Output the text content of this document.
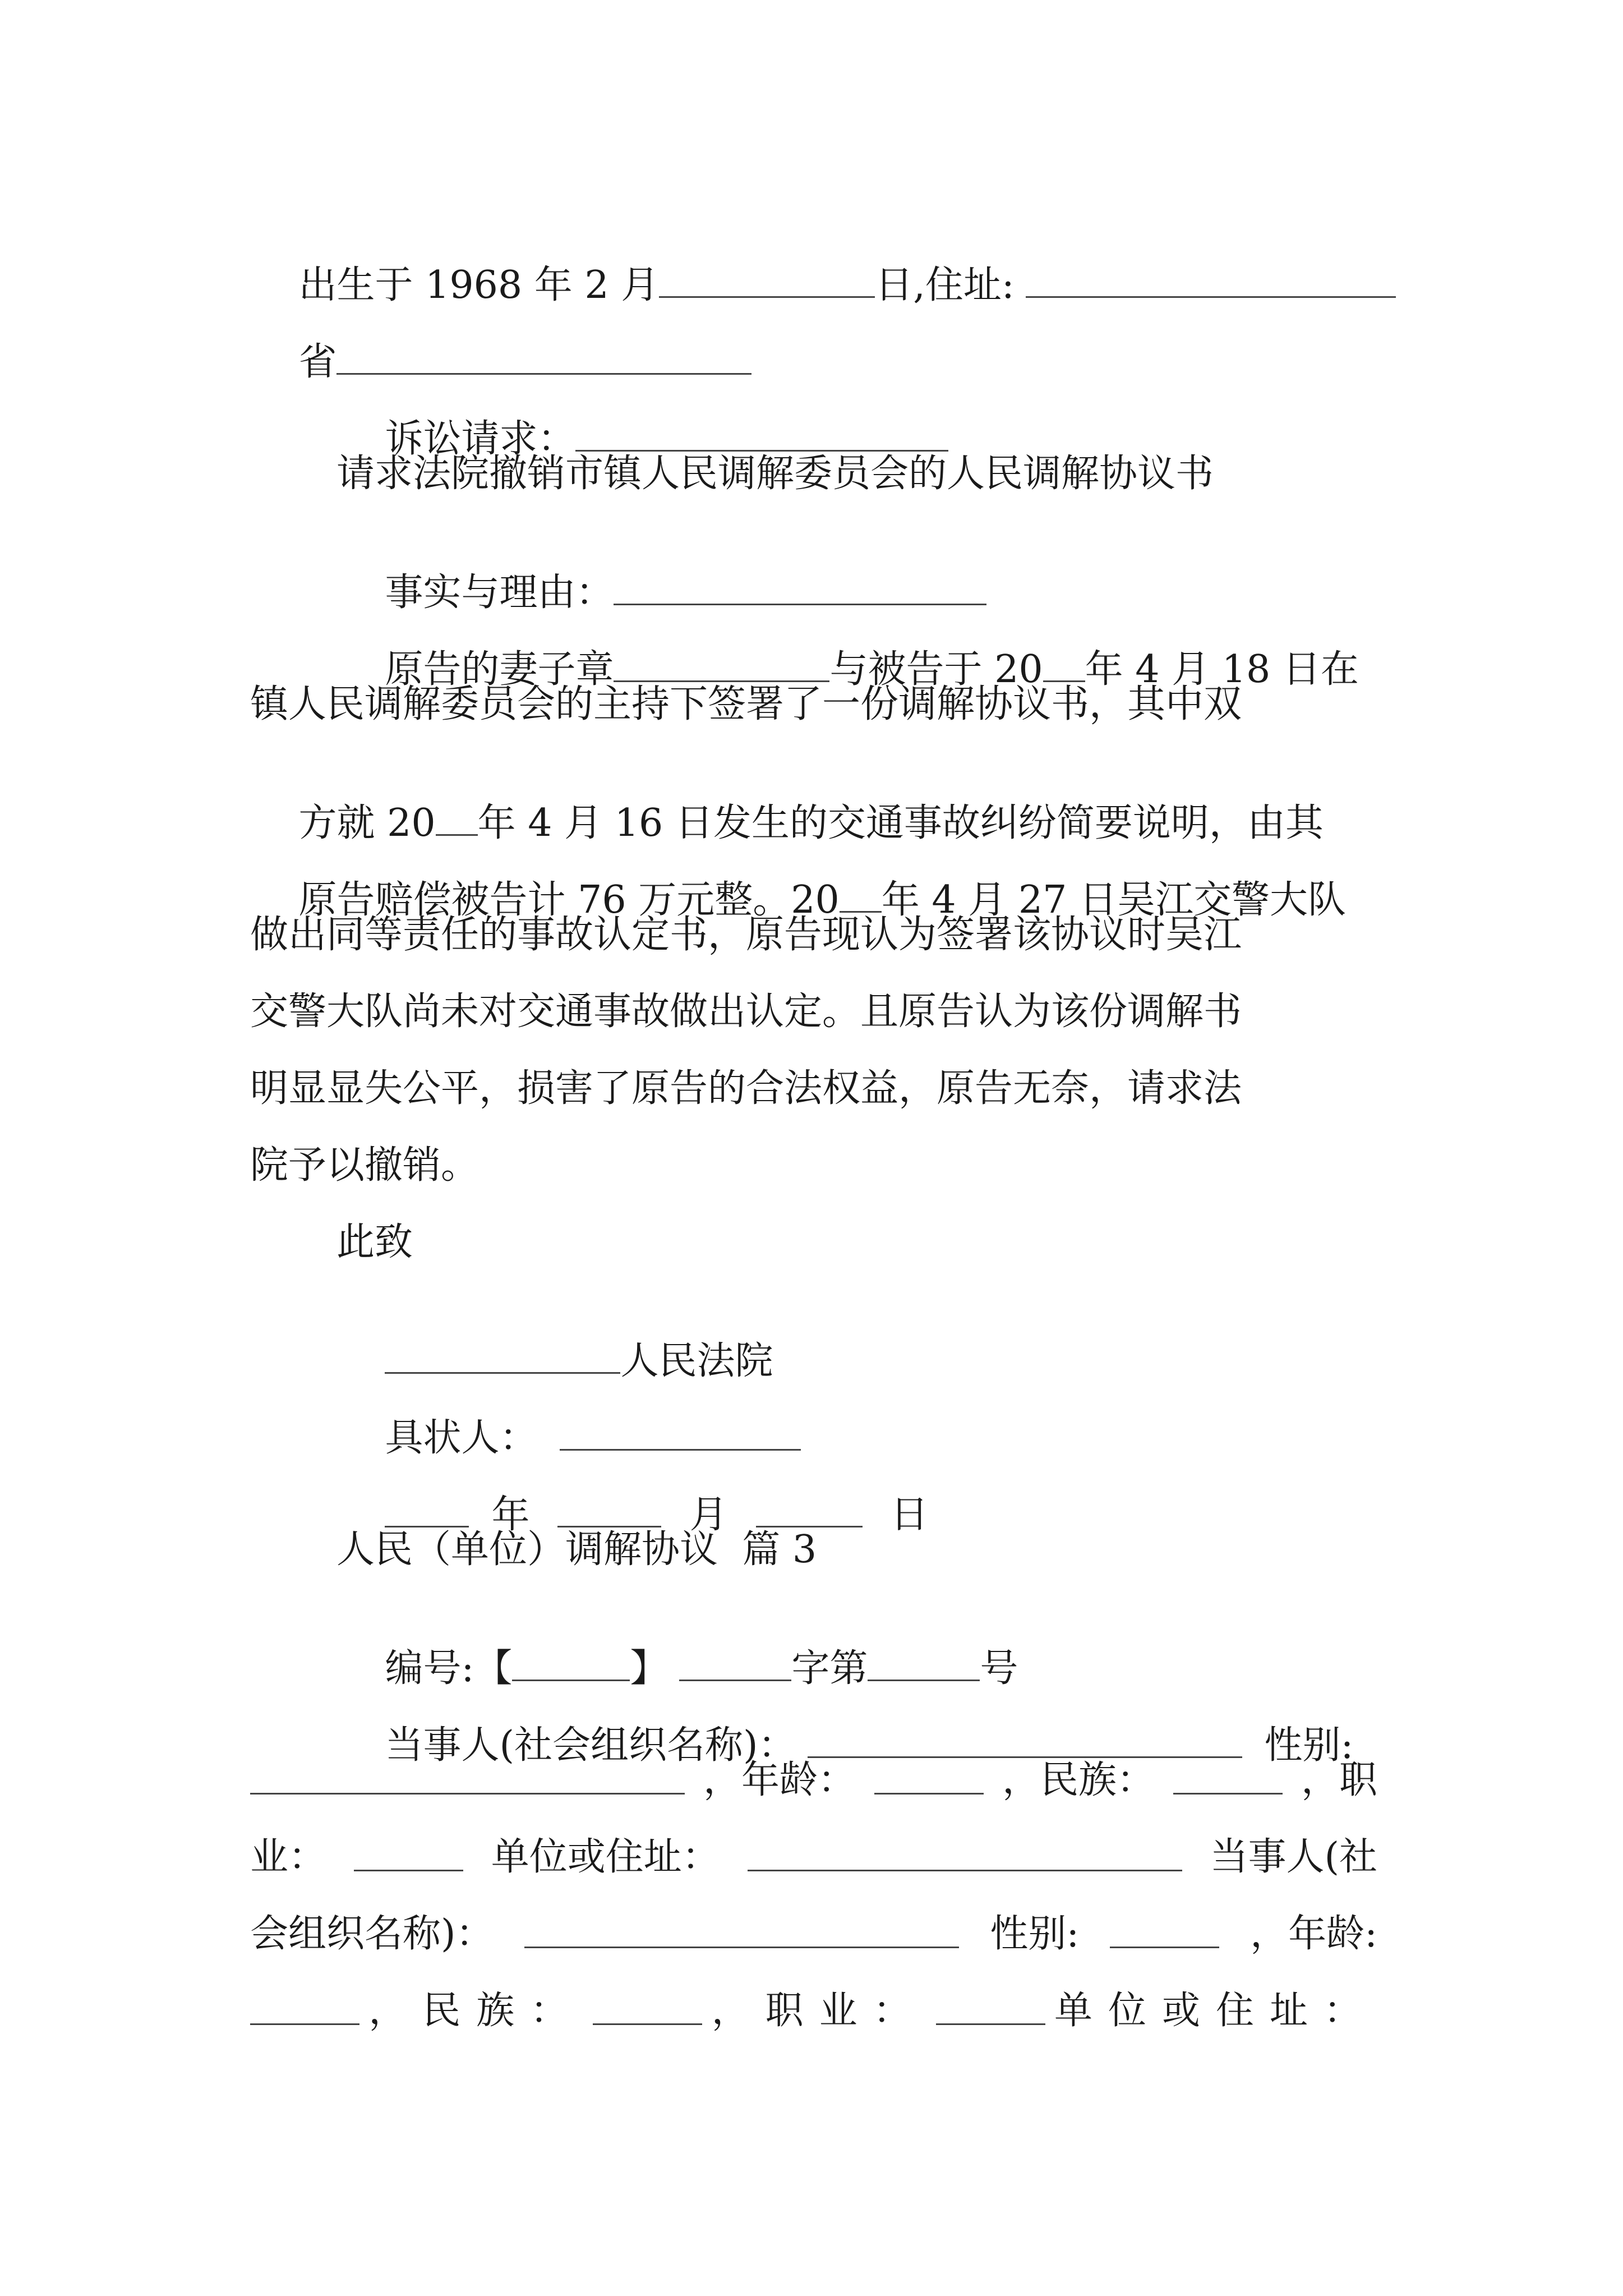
出生于 1968 年 2 月	日,住址:

省

诉讼请求：

请求法院撤销市镇人民调解委员会的人民调解协议书

事实与理由：

原告的妻子章	与被告于 20 年 4 月 18 日在

镇人民调解委员会的主持下签署了一份调解协议书，其中双

方就 20 年 4 月 16 日发生的交通事故纠纷简要说明，由其

原告赔偿被告计 76 万元整。20 年 4 月 27 日吴江交警大队

做出同等责任的事故认定书，原告现认为签署该协议时吴江
交警大队尚未对交通事故做出认定。且原告认为该份调解书
明显显失公平，损害了原告的合法权益，原告无奈，请求法
院予以撤销。
此致

人民法院

具状人：

年	月	日

人民（单位）调解协议  篇 3

编号:【	】	字第	号

当事人(社会组织名称)：	性别:

，年龄：	，民族：	，职
业：	单位或住址：	当事人(社
会组织名称)：	性别:	，年龄:
，民族：	，职业：	单位或住址：
